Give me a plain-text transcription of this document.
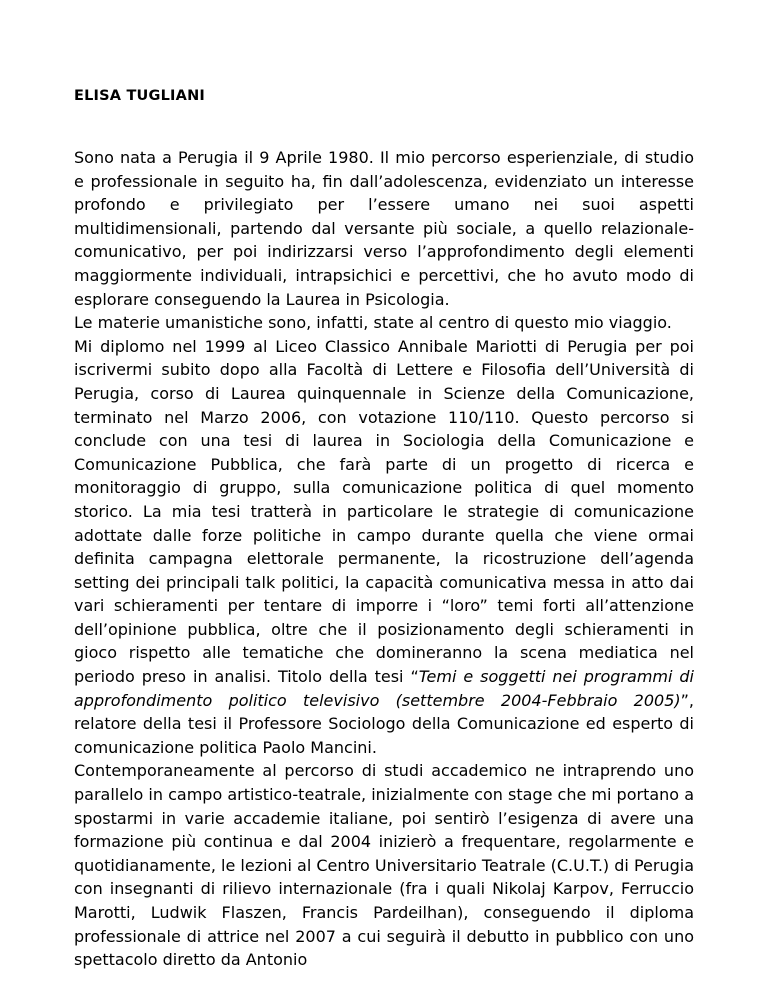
ELISA TUGLIANI

Sono nata a Perugia il 9 Aprile 1980. Il mio percorso esperienziale, di studio e professionale in seguito ha, fin dall’adolescenza, evidenziato un interesse profondo e privilegiato per l’essere umano nei suoi aspetti multidimensionali, partendo dal versante più sociale, a quello relazionale-comunicativo, per poi indirizzarsi verso l’approfondimento degli elementi maggiormente individuali, intrapsichici e percettivi, che ho avuto modo di esplorare conseguendo la Laurea in Psicologia.

Le materie umanistiche sono, infatti, state al centro di questo mio viaggio.

Mi diplomo nel 1999 al Liceo Classico Annibale Mariotti di Perugia per poi iscrivermi subito dopo alla Facoltà di Lettere e Filosofia dell’Università di Perugia, corso di Laurea quinquennale in Scienze della Comunicazione, terminato nel Marzo 2006, con votazione 110/110. Questo percorso si conclude con una tesi di laurea in Sociologia della Comunicazione e Comunicazione Pubblica, che farà parte di un progetto di ricerca e monitoraggio di gruppo, sulla comunicazione politica di quel momento storico. La mia tesi tratterà in particolare le strategie di comunicazione adottate dalle forze politiche in campo durante quella che viene ormai definita campagna elettorale permanente, la ricostruzione dell’agenda setting dei principali talk politici, la capacità comunicativa messa in atto dai vari schieramenti per tentare di imporre i “loro” temi forti all’attenzione dell’opinione pubblica, oltre che il posizionamento degli schieramenti in gioco rispetto alle tematiche che domineranno la scena mediatica nel periodo preso in analisi. Titolo della tesi “Temi e soggetti nei programmi di approfondimento politico televisivo (settembre 2004-Febbraio 2005)”, relatore della tesi il Professore Sociologo della Comunicazione ed esperto di comunicazione politica Paolo Mancini.

Contemporaneamente al percorso di studi accademico ne intraprendo uno parallelo in campo artistico-teatrale, inizialmente con stage che mi portano a spostarmi in varie accademie italiane, poi sentirò l’esigenza di avere una formazione più continua e dal 2004 inizierò a frequentare, regolarmente e quotidianamente, le lezioni al Centro Universitario Teatrale (C.U.T.) di Perugia con insegnanti di rilievo internazionale (fra i quali Nikolaj Karpov, Ferruccio Marotti, Ludwik Flaszen, Francis Pardeilhan), conseguendo il diploma professionale di attrice nel 2007 a cui seguirà il debutto in pubblico con uno spettacolo diretto da Antonio
